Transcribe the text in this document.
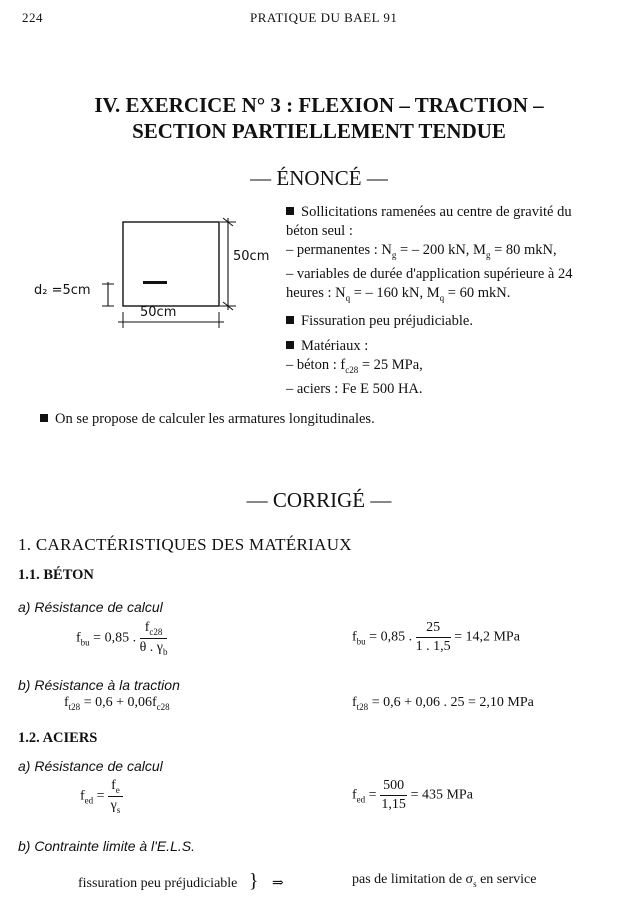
224	PRATIQUE DU BAEL 91
IV. EXERCICE N° 3 : FLEXION – TRACTION –
SECTION PARTIELLEMENT TENDUE
— ÉNONCÉ —
50cm
50cm
d₂ =5cm
Sollicitations ramenées au centre de gravité du
béton seul :
– permanentes : $N_g$ = – 200 kN, $M_g = 80$ mkN,
– variables de durée d'application supérieure à 24
heures : $N_q$ = – 160 kN, $M_q = 60$ mkN.
Fissuration peu préjudiciable.
Matériaux :
– béton : $f_{c28} = 25$ MPa,
– aciers : Fe E 500 HA.
On se propose de calculer les armatures longitudinales.
— CORRIGÉ —
1. CARACTÉRISTIQUES DES MATÉRIAUX
1.1. BÉTON
a) Résistance de calcul
$f_{bu} = 0,85$ . $\frac{f_{c28}}{\theta . \gamma_b}$	$f_{bu} = 0,85$ . $\frac{25}{1 . 1,5} = 14,2$ MPa
b) Résistance à la traction
$f_{t28} = 0,6 + 0,06f_{c28}$	$f_{t28} = 0,6 + 0,06$ . 25 = 2,10 MPa
1.2. ACIERS
a) Résistance de calcul
$f_{ed} = \frac{f_e}{\gamma_s}$	$f_{ed} = \frac{500}{1,15} = 435$ MPa
b) Contrainte limite à l'E.L.S.
fissuration peu préjudiciable } ⇒	pas de limitation de $\sigma_s$ en service
